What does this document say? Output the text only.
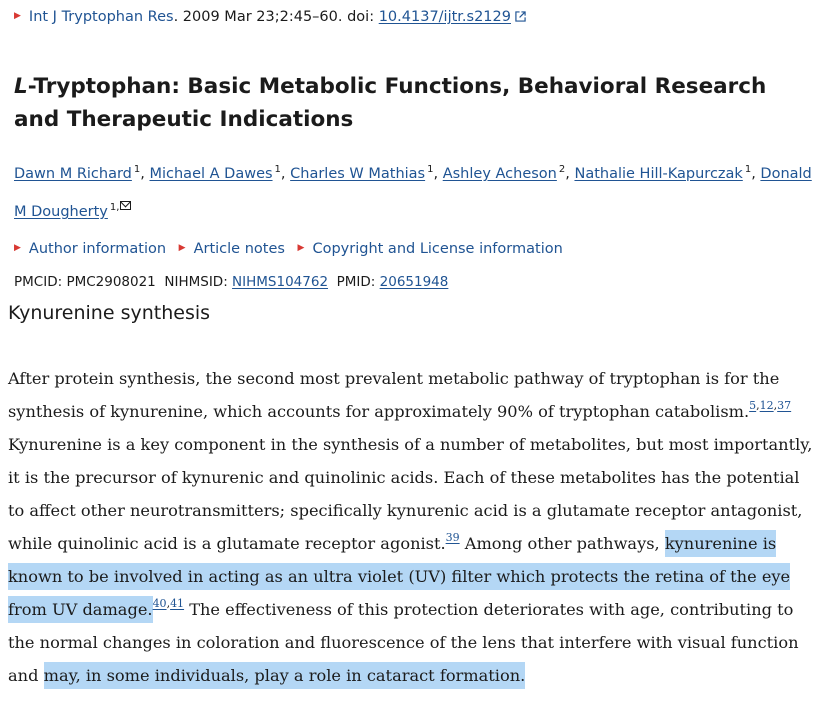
▶ Int J Tryptophan Res. 2009 Mar 23;2:45–60. doi: 10.4137/ijtr.s2129
L-Tryptophan: Basic Metabolic Functions, Behavioral Research and Therapeutic Indications
Dawn M Richard $^1$, Michael A Dawes $^1$, Charles W Mathias $^1$, Ashley Acheson $^2$, Nathalie Hill-Kapurczak $^1$, Donald M Dougherty $^{1,}$
▶ Author information ▶ Article notes ▶ Copyright and License information
PMCID: PMC2908021 NIHMSID: NIHMS104762 PMID: 20651948
Kynurenine synthesis

After protein synthesis, the second most prevalent metabolic pathway of tryptophan is for the synthesis of kynurenine, which accounts for approximately 90% of tryptophan catabolism.$^{5,12,37}$ Kynurenine is a key component in the synthesis of a number of metabolites, but most importantly, it is the precursor of kynurenic and quinolinic acids. Each of these metabolites has the potential to affect other neurotransmitters; specifically kynurenic acid is a glutamate receptor antagonist, while quinolinic acid is a glutamate receptor agonist.$^{39}$ Among other pathways, kynurenine is known to be involved in acting as an ultra violet (UV) filter which protects the retina of the eye from UV damage.$^{40,41}$ The effectiveness of this protection deteriorates with age, contributing to the normal changes in coloration and fluorescence of the lens that interfere with visual function and may, in some individuals, play a role in cataract formation.
